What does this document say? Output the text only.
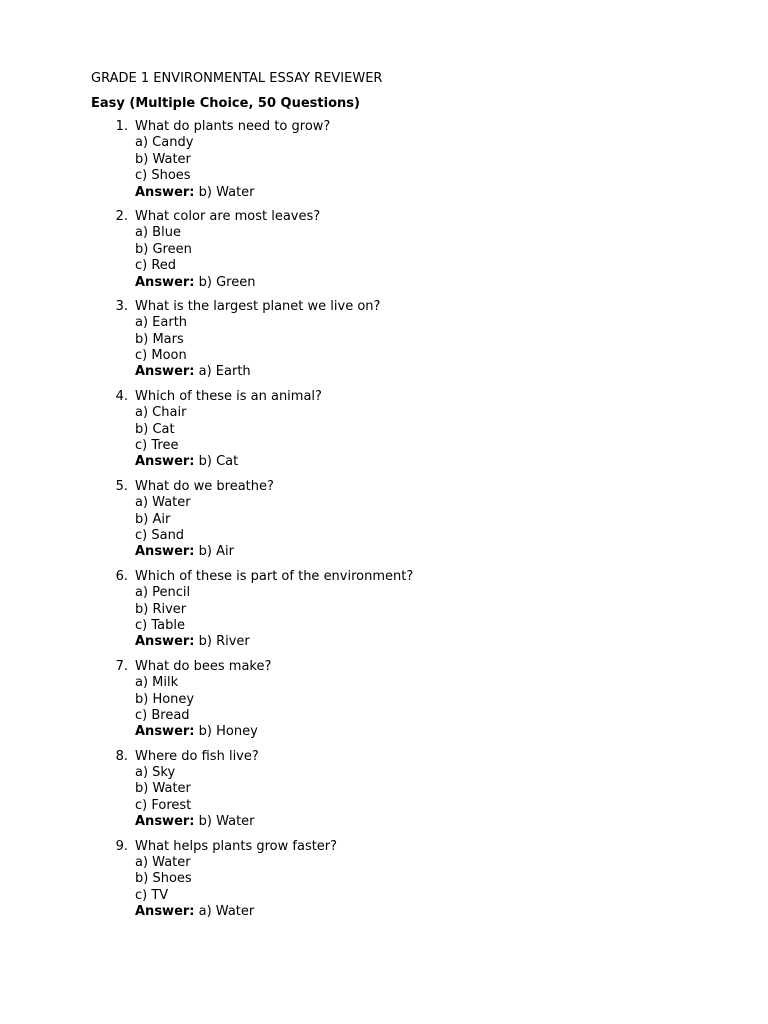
GRADE 1 ENVIRONMENTAL ESSAY REVIEWER
Easy (Multiple Choice, 50 Questions)
1. What do plants need to grow?
a) Candy
b) Water
c) Shoes
Answer: b) Water
2. What color are most leaves?
a) Blue
b) Green
c) Red
Answer: b) Green
3. What is the largest planet we live on?
a) Earth
b) Mars
c) Moon
Answer: a) Earth
4. Which of these is an animal?
a) Chair
b) Cat
c) Tree
Answer: b) Cat
5. What do we breathe?
a) Water
b) Air
c) Sand
Answer: b) Air
6. Which of these is part of the environment?
a) Pencil
b) River
c) Table
Answer: b) River
7. What do bees make?
a) Milk
b) Honey
c) Bread
Answer: b) Honey
8. Where do fish live?
a) Sky
b) Water
c) Forest
Answer: b) Water
9. What helps plants grow faster?
a) Water
b) Shoes
c) TV
Answer: a) Water
